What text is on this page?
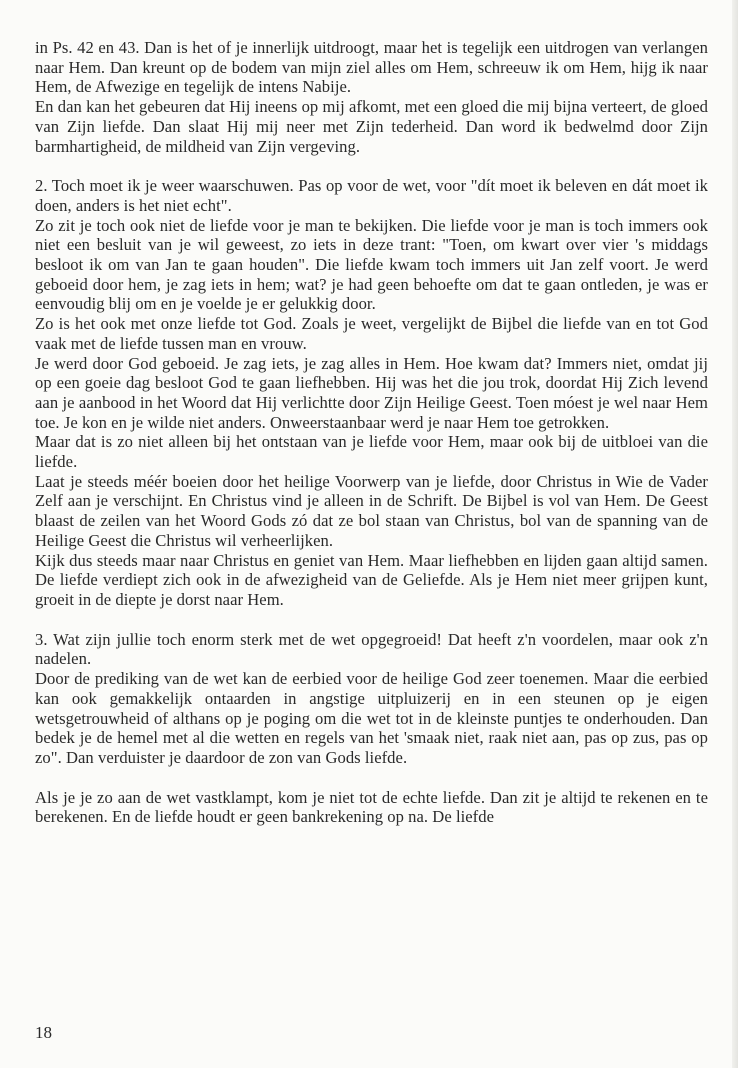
in Ps. 42 en 43. Dan is het of je innerlijk uitdroogt, maar het is tegelijk een uitdrogen van verlangen naar Hem. Dan kreunt op de bodem van mijn ziel alles om Hem, schreeuw ik om Hem, hijg ik naar Hem, de Afwezige en tegelijk de intens Nabije.

En dan kan het gebeuren dat Hij ineens op mij afkomt, met een gloed die mij bijna verteert, de gloed van Zijn liefde. Dan slaat Hij mij neer met Zijn tederheid. Dan word ik bedwelmd door Zijn barmhartigheid, de mildheid van Zijn vergeving.

2. Toch moet ik je weer waarschuwen. Pas op voor de wet, voor "dít moet ik beleven en dát moet ik doen, anders is het niet echt".

Zo zit je toch ook niet de liefde voor je man te bekijken. Die liefde voor je man is toch immers ook niet een besluit van je wil geweest, zo iets in deze trant: "Toen, om kwart over vier 's middags besloot ik om van Jan te gaan houden". Die liefde kwam toch immers uit Jan zelf voort. Je werd geboeid door hem, je zag iets in hem; wat? je had geen behoefte om dat te gaan ontleden, je was er eenvoudig blij om en je voelde je er gelukkig door.

Zo is het ook met onze liefde tot God. Zoals je weet, vergelijkt de Bijbel die liefde van en tot God vaak met de liefde tussen man en vrouw.

Je werd door God geboeid. Je zag iets, je zag alles in Hem. Hoe kwam dat? Immers niet, omdat jij op een goeie dag besloot God te gaan liefhebben. Hij was het die jou trok, doordat Hij Zich levend aan je aanbood in het Woord dat Hij verlichtte door Zijn Heilige Geest. Toen móest je wel naar Hem toe. Je kon en je wilde niet anders. Onweerstaanbaar werd je naar Hem toe getrokken.

Maar dat is zo niet alleen bij het ontstaan van je liefde voor Hem, maar ook bij de uitbloei van die liefde.

Laat je steeds méér boeien door het heilige Voorwerp van je liefde, door Christus in Wie de Vader Zelf aan je verschijnt. En Christus vind je alleen in de Schrift. De Bijbel is vol van Hem. De Geest blaast de zeilen van het Woord Gods zó dat ze bol staan van Christus, bol van de spanning van de Heilige Geest die Christus wil verheerlijken.

Kijk dus steeds maar naar Christus en geniet van Hem. Maar liefhebben en lijden gaan altijd samen. De liefde verdiept zich ook in de afwezigheid van de Geliefde. Als je Hem niet meer grijpen kunt, groeit in de diepte je dorst naar Hem.

3. Wat zijn jullie toch enorm sterk met de wet opgegroeid! Dat heeft z'n voordelen, maar ook z'n nadelen.

Door de prediking van de wet kan de eerbied voor de heilige God zeer toenemen. Maar die eerbied kan ook gemakkelijk ontaarden in angstige uitpluizerij en in een steunen op je eigen wetsgetrouwheid of althans op je poging om die wet tot in de kleinste puntjes te onderhouden. Dan bedek je de hemel met al die wetten en regels van het 'smaak niet, raak niet aan, pas op zus, pas op zo". Dan verduister je daardoor de zon van Gods liefde.

Als je je zo aan de wet vastklampt, kom je niet tot de echte liefde. Dan zit je altijd te rekenen en te berekenen. En de liefde houdt er geen bankrekening op na. De liefde

18
